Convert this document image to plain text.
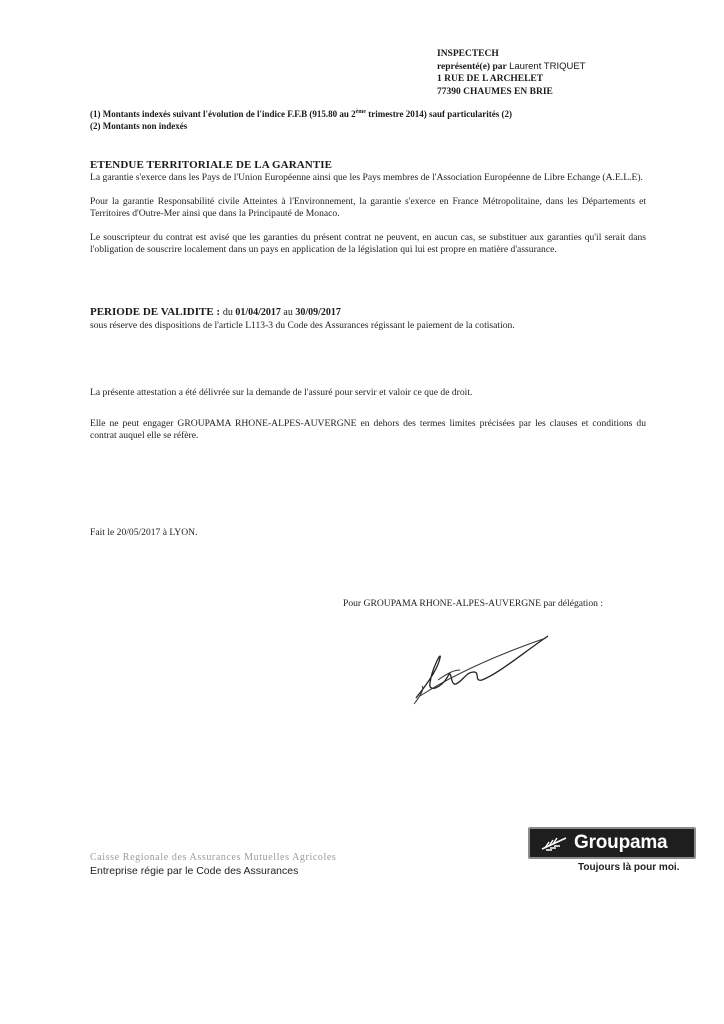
INSPECTECH
représenté(e) par Laurent TRIQUET
1 RUE DE L ARCHELET
77390 CHAUMES EN BRIE
(1) Montants indexés suivant l'évolution de l'indice F.F.B (915.80 au 2ème trimestre 2014) sauf particularités (2)
(2) Montants non indexés
ETENDUE TERRITORIALE DE LA GARANTIE
La garantie s'exerce dans les Pays de l'Union Européenne ainsi que les Pays membres de l'Association Européenne de Libre Echange (A.E.L.E).
Pour la garantie Responsabilité civile Atteintes à l'Environnement, la garantie s'exerce en France Métropolitaine, dans les Départements et Territoires d'Outre-Mer ainsi que dans la Principauté de Monaco.
Le souscripteur du contrat est avisé que les garanties du présent contrat ne peuvent, en aucun cas, se substituer aux garanties qu'il serait dans l'obligation de souscrire localement dans un pays en application de la législation qui lui est propre en matière d'assurance.
PERIODE DE VALIDITE : du 01/04/2017 au 30/09/2017
sous réserve des dispositions de l'article L113-3 du Code des Assurances régissant le paiement de la cotisation.
La présente attestation a été délivrée sur la demande de l'assuré pour servir et valoir ce que de droit.
Elle ne peut engager GROUPAMA RHONE-ALPES-AUVERGNE en dehors des termes limites précisées par les clauses et conditions du contrat auquel elle se réfère.
Fait le 20/05/2017 à LYON.
Pour GROUPAMA RHONE-ALPES-AUVERGNE par délégation :
Caisse Regionale des Assurances Mutuelles Agricoles
Entreprise régie par le Code des Assurances
Groupama
Toujours là pour moi.
